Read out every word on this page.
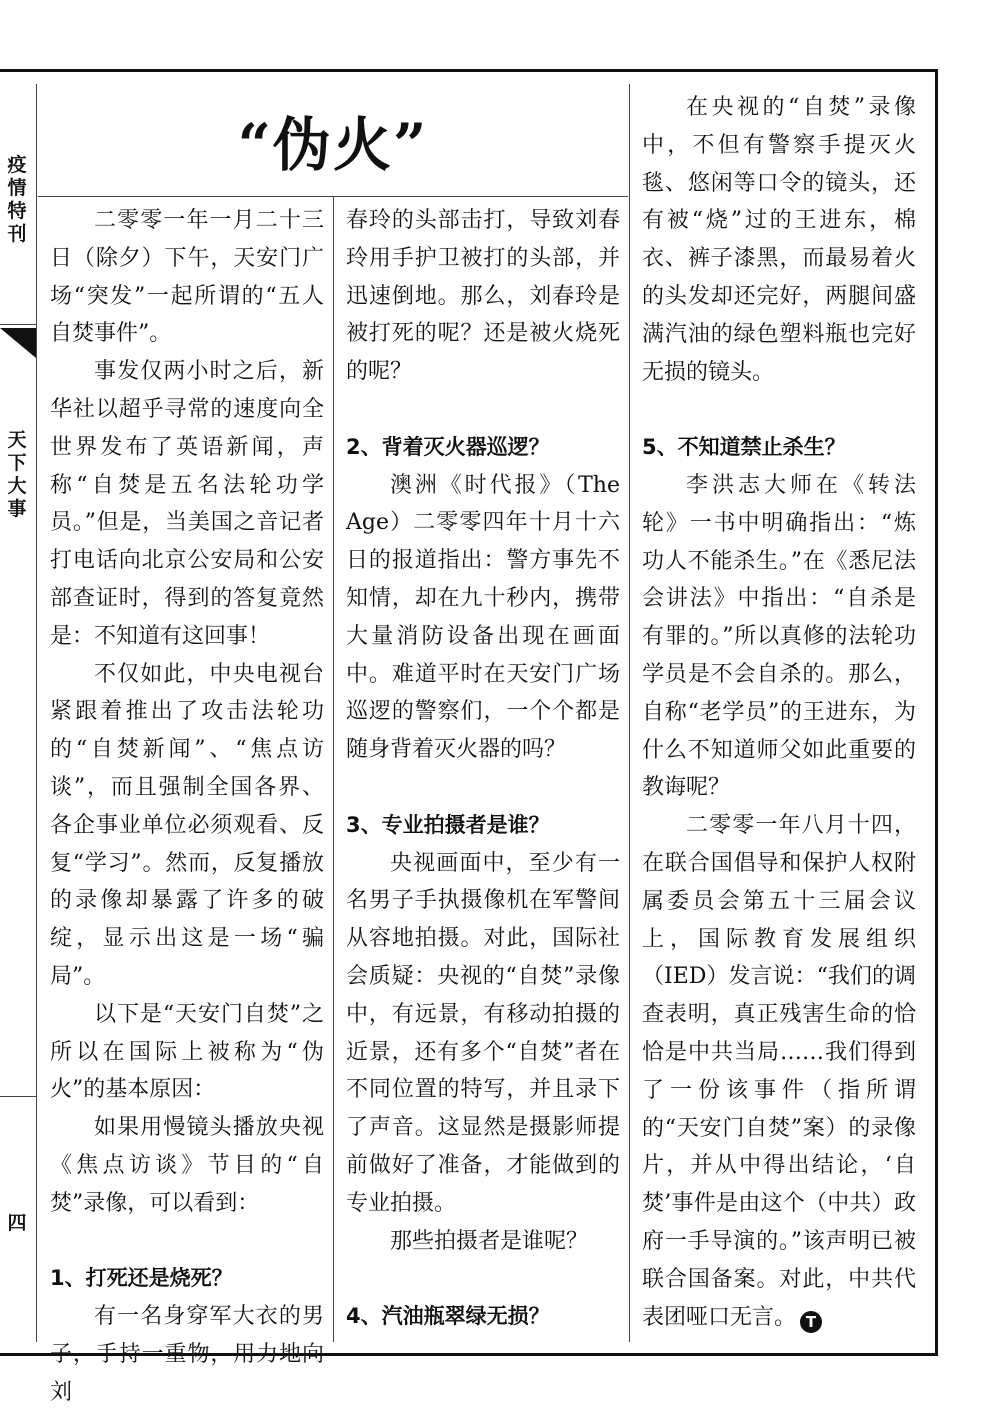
疫
情
特
刊
天
下
大
事
四
“伪火”

二零零一年一月二十三日（除夕）下午，天安门广场“突发”一起所谓的“五人自焚事件”。

事发仅两小时之后，新华社以超乎寻常的速度向全世界发布了英语新闻，声称“自焚是五名法轮功学员。”但是，当美国之音记者打电话向北京公安局和公安部查证时，得到的答复竟然是：不知道有这回事！

不仅如此，中央电视台紧跟着推出了攻击法轮功的“自焚新闻”、“焦点访谈”，而且强制全国各界、各企事业单位必须观看、反复“学习”。然而，反复播放的录像却暴露了许多的破绽，显示出这是一场“骗局”。

以下是“天安门自焚”之所以在国际上被称为“伪火”的基本原因：

如果用慢镜头播放央视《焦点访谈》节目的“自焚”录像，可以看到：

1、打死还是烧死？

有一名身穿军大衣的男子，手持一重物，用力地向刘

春玲的头部击打，导致刘春玲用手护卫被打的头部，并迅速倒地。那么，刘春玲是被打死的呢？还是被火烧死的呢？

2、背着灭火器巡逻？

澳洲《时代报》（The Age）二零零四年十月十六日的报道指出：警方事先不知情，却在九十秒内，携带大量消防设备出现在画面中。难道平时在天安门广场巡逻的警察们，一个个都是随身背着灭火器的吗？

3、专业拍摄者是谁？

央视画面中，至少有一名男子手执摄像机在军警间从容地拍摄。对此，国际社会质疑：央视的“自焚”录像中，有远景，有移动拍摄的近景，还有多个“自焚”者在不同位置的特写，并且录下了声音。这显然是摄影师提前做好了准备，才能做到的专业拍摄。

那些拍摄者是谁呢？

4、汽油瓶翠绿无损？

在央视的“自焚”录像中，不但有警察手提灭火毯、悠闲等口令的镜头，还有被“烧”过的王进东，棉衣、裤子漆黑，而最易着火的头发却还完好，两腿间盛满汽油的绿色塑料瓶也完好无损的镜头。

5、不知道禁止杀生？

李洪志大师在《转法轮》一书中明确指出：“炼功人不能杀生。”在《悉尼法会讲法》中指出：“自杀是有罪的。”所以真修的法轮功学员是不会自杀的。那么，自称“老学员”的王进东，为什么不知道师父如此重要的教诲呢？

二零零一年八月十四，在联合国倡导和保护人权附属委员会第五十三届会议上，国际教育发展组织（IED）发言说：“我们的调查表明，真正残害生命的恰恰是中共当局……我们得到了一份该事件（指所谓的“天安门自焚”案）的录像片，并从中得出结论，‘自焚’事件是由这个（中共）政府一手导演的。”该声明已被联合国备案。对此，中共代表团哑口无言。 T
